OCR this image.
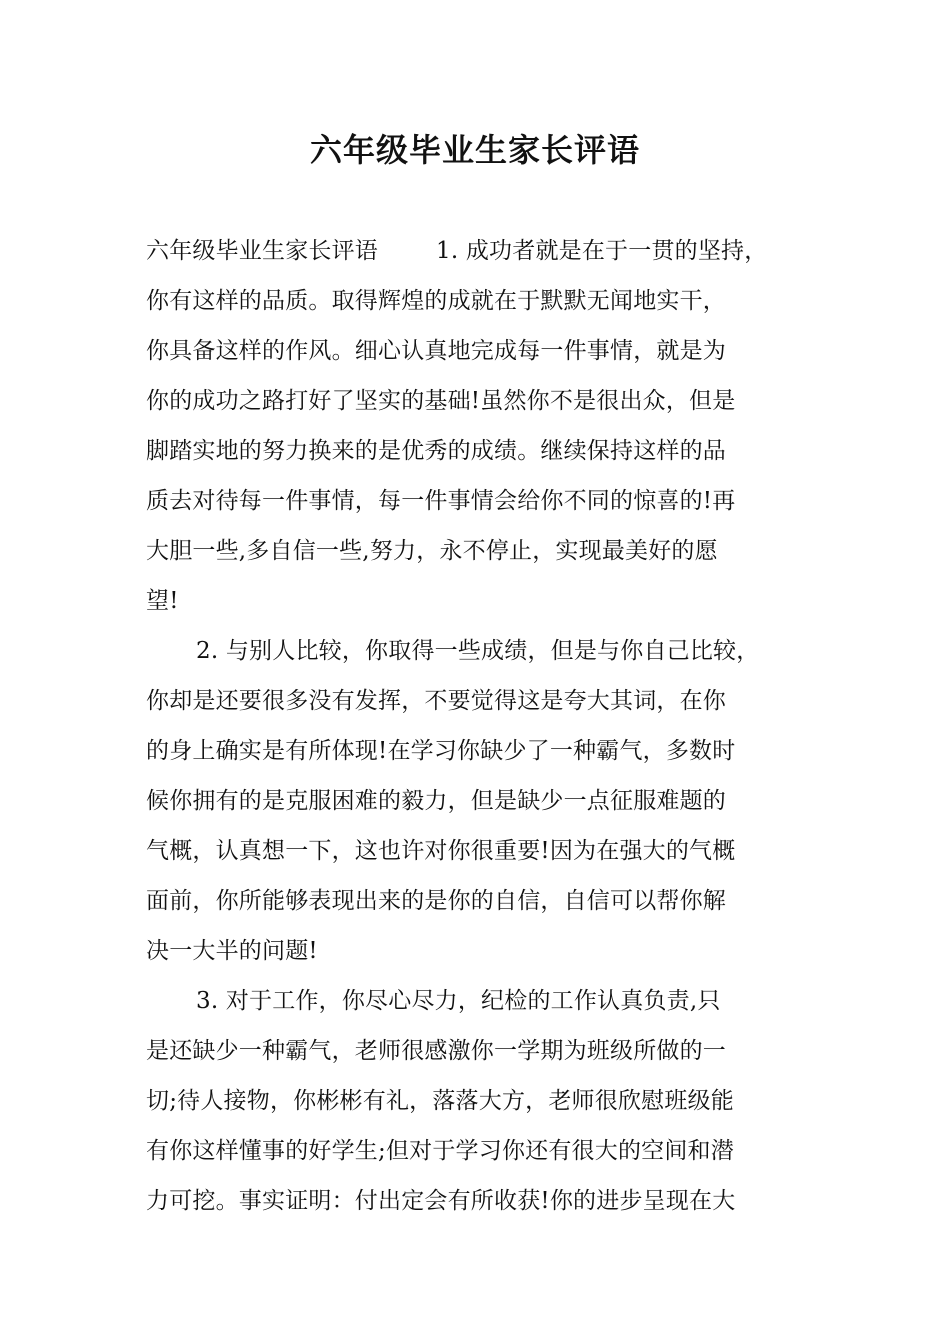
六年级毕业生家长评语
六年级毕业生家长评语	1. 成功者就是在于一贯的坚持，
你有这样的品质。取得辉煌的成就在于默默无闻地实干，
你具备这样的作风。细心认真地完成每一件事情，就是为
你的成功之路打好了坚实的基础!虽然你不是很出众，但是
脚踏实地的努力换来的是优秀的成绩。继续保持这样的品
质去对待每一件事情，每一件事情会给你不同的惊喜的!再
大胆一些,多自信一些,努力，永不停止，实现最美好的愿
望!
2. 与别人比较，你取得一些成绩，但是与你自己比较，
你却是还要很多没有发挥，不要觉得这是夸大其词，在你
的身上确实是有所体现!在学习你缺少了一种霸气，多数时
候你拥有的是克服困难的毅力，但是缺少一点征服难题的
气概，认真想一下，这也许对你很重要!因为在强大的气概
面前，你所能够表现出来的是你的自信，自信可以帮你解
决一大半的问题!
3. 对于工作，你尽心尽力，纪检的工作认真负责,只
是还缺少一种霸气，老师很感激你一学期为班级所做的一
切;待人接物，你彬彬有礼，落落大方，老师很欣慰班级能
有你这样懂事的好学生;但对于学习你还有很大的空间和潜
力可挖。事实证明：付出定会有所收获!你的进步呈现在大
